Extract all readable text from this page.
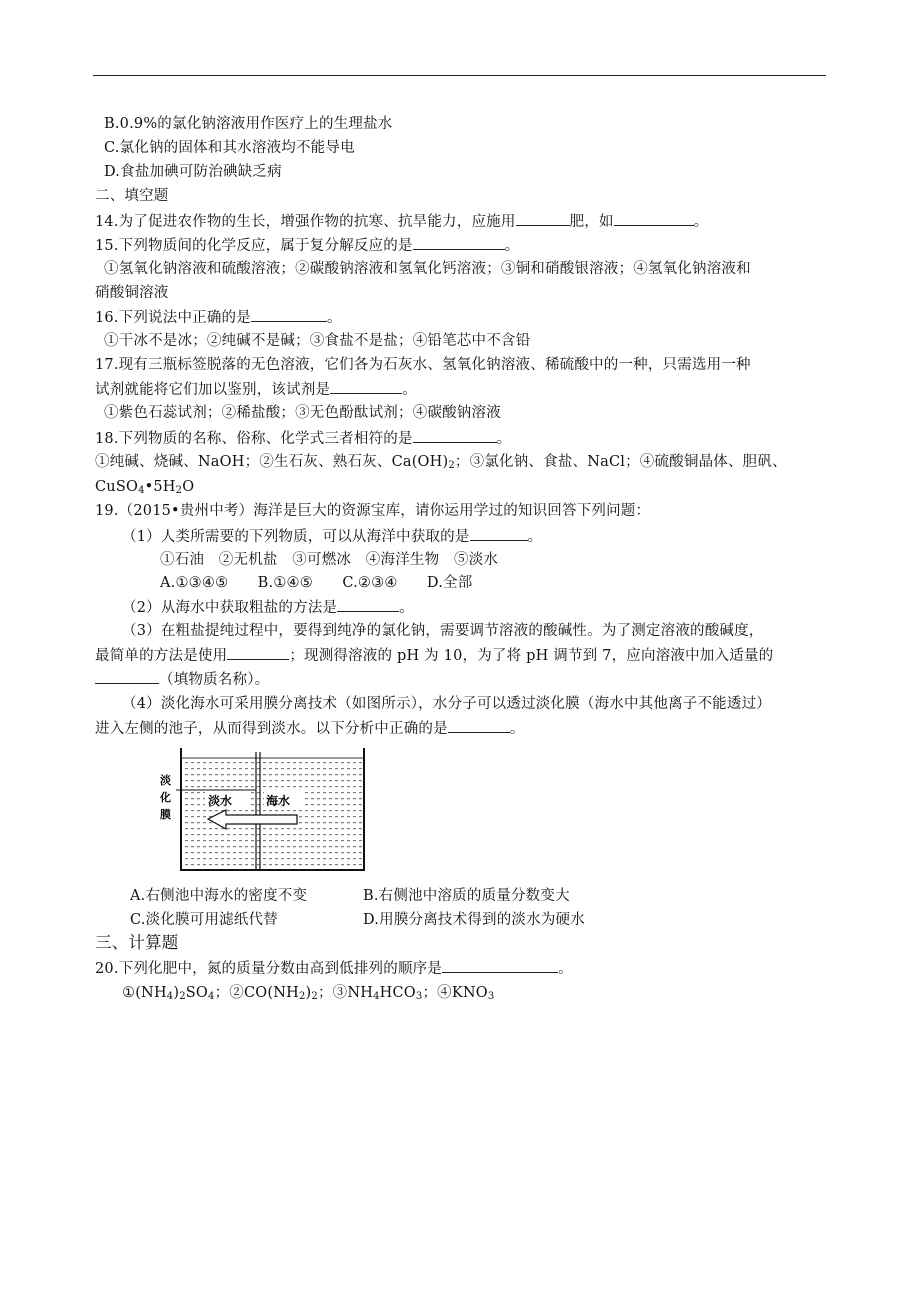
B.0.9%的氯化钠溶液用作医疗上的生理盐水
C.氯化钠的固体和其水溶液均不能导电
D.食盐加碘可防治碘缺乏病
二、填空题
14.为了促进农作物的生长，增强作物的抗寒、抗旱能力，应施用	肥，如	。
15.下列物质间的化学反应，属于复分解反应的是	。
①氢氧化钠溶液和硫酸溶液；②碳酸钠溶液和氢氧化钙溶液；③铜和硝酸银溶液；④氢氧化钠溶液和
硝酸铜溶液
16.下列说法中正确的是	。
①干冰不是冰；②纯碱不是碱；③食盐不是盐；④铅笔芯中不含铅
17.现有三瓶标签脱落的无色溶液，它们各为石灰水、氢氧化钠溶液、稀硫酸中的一种，只需选用一种
试剂就能将它们加以鉴别，该试剂是	。
①紫色石蕊试剂；②稀盐酸；③无色酚酞试剂；④碳酸钠溶液
18.下列物质的名称、俗称、化学式三者相符的是	。
①纯碱、烧碱、NaOH；②生石灰、熟石灰、$Ca(OH)_2$；③氯化钠、食盐、NaCl；④硫酸铜晶体、胆矾、
$CuSO_4•5H_2O$
19.（2015•贵州中考）海洋是巨大的资源宝库，请你运用学过的知识回答下列问题：
（1）人类所需要的下列物质，可以从海洋中获取的是	。
①石油　②无机盐　③可燃冰　④海洋生物　⑤淡水
A.①③④⑤　　B.①④⑤　　C.②③④　　D.全部
（2）从海水中获取粗盐的方法是	。
（3）在粗盐提纯过程中，要得到纯净的氯化钠，需要调节溶液的酸碱性。为了测定溶液的酸碱度，
最简单的方法是使用	；现测得溶液的 pH 为 10，为了将 pH 调节到 7，应向溶液中加入适量的
（填物质名称）。
（4）淡化海水可采用膜分离技术（如图所示），水分子可以透过淡化膜（海水中其他离子不能透过）
进入左侧的池子，从而得到淡水。以下分析中正确的是	。
淡水	海水
淡
化
膜
A.右侧池中海水的密度不变	B.右侧池中溶质的质量分数变大
C.淡化膜可用滤纸代替	D.用膜分离技术得到的淡水为硬水
三、计算题
20.下列化肥中，氮的质量分数由高到低排列的顺序是	。
$①(NH_4)_2SO_4$；$②CO(NH_2)_2$；$③NH_4HCO_3$；$④KNO_3$
